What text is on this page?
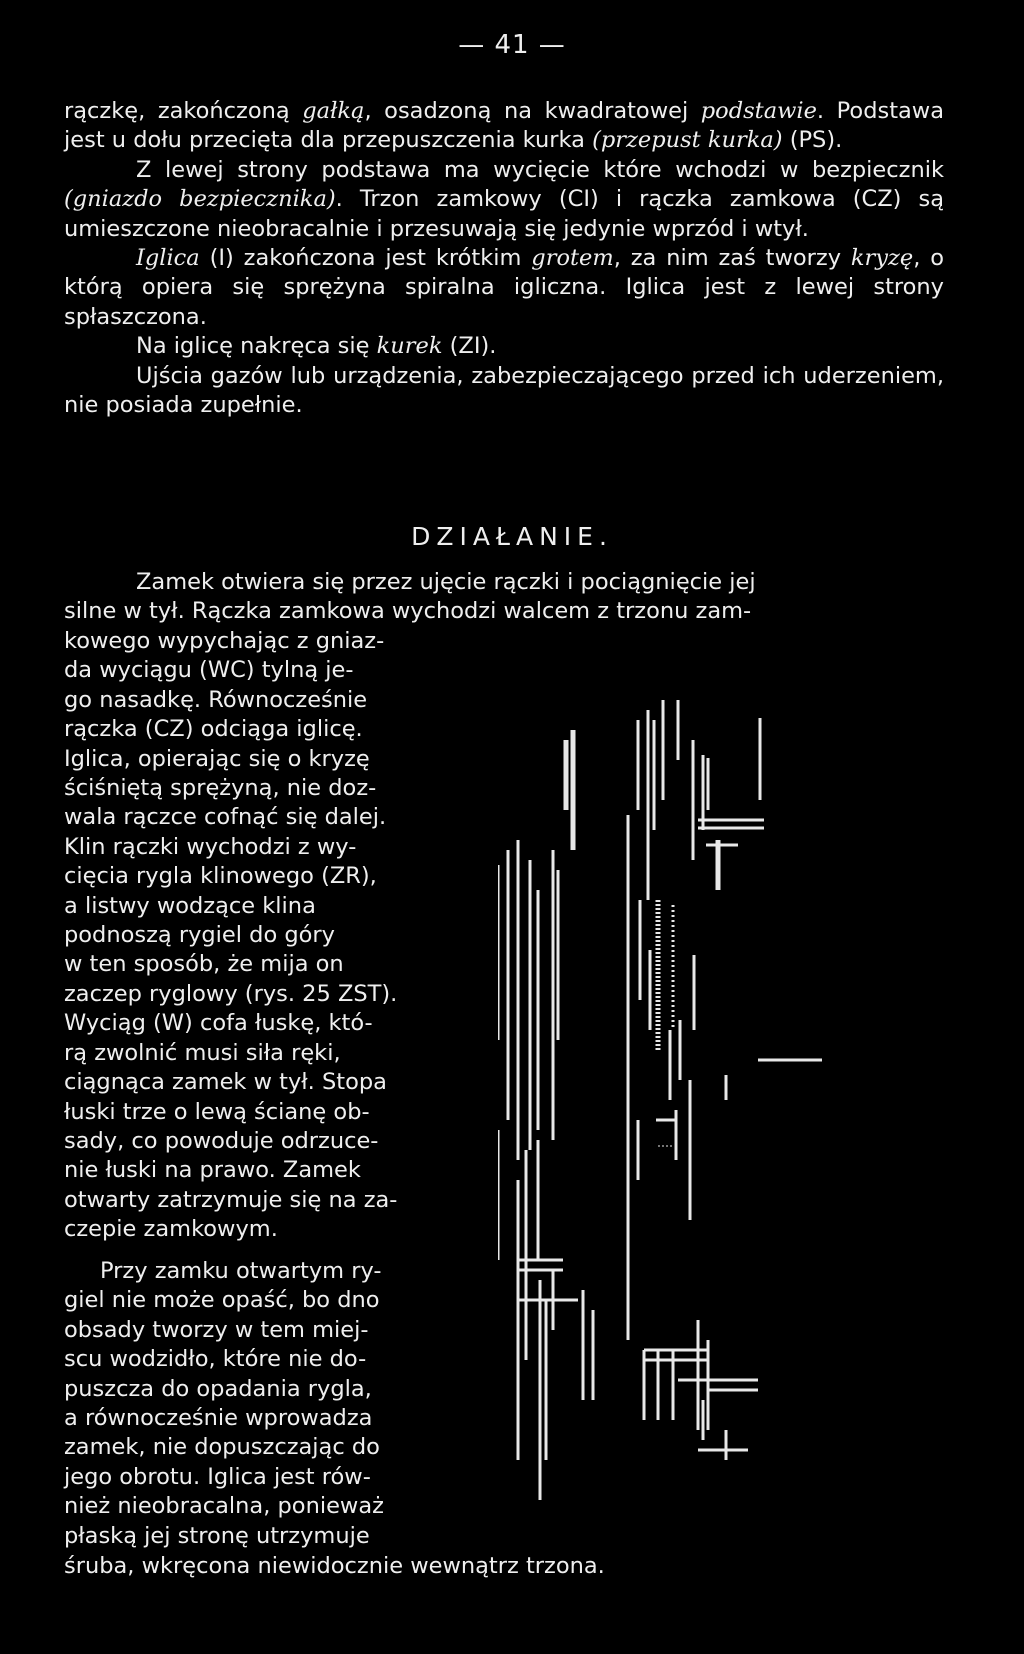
— 41 —

rączkę, zakończoną gałką, osadzoną na kwadratowej podstawie. Podstawa jest u dołu przecięta dla przepuszczenia kurka (przepust kurka) (PS).

Z lewej strony podstawa ma wycięcie które wchodzi w bezpiecznik (gniazdo bezpiecznika). Trzon zamkowy (CI) i rączka zamkowa (CZ) są umieszczone nieobracalnie i przesuwają się jedynie wprzód i wtył.

Iglica (I) zakończona jest krótkim grotem, za nim zaś tworzy kryzę, o którą opiera się sprężyna spiralna igliczna. Iglica jest z lewej strony spłaszczona.

Na iglicę nakręca się kurek (ZI).

Ujścia gazów lub urządzenia, zabezpieczającego przed ich uderzeniem, nie posiada zupełnie.

DZIAŁANIE.

Zamek otwiera się przez ujęcie rączki i pociągnięcie jej

silne w tył. Rączka zamkowa wychodzi walcem z trzonu zam-

kowego wypychając z gniaz-

da wyciągu (WC) tylną je-

go nasadkę. Równocześnie

rączka (CZ) odciąga iglicę.

Iglica, opierając się o kryzę

ściśniętą sprężyną, nie doz-

wala rączce cofnąć się dalej.

Klin rączki wychodzi z wy-

cięcia rygla klinowego (ZR),

a listwy wodzące klina

podnoszą rygiel do góry

w ten sposób, że mija on

zaczep ryglowy (rys. 25 ZST).

Wyciąg (W) cofa łuskę, któ-

rą zwolnić musi siła ręki,

ciągnąca zamek w tył. Stopa

łuski trze o lewą ścianę ob-

sady, co powoduje odrzuce-

nie łuski na prawo. Zamek

otwarty zatrzymuje się na za-

czepie zamkowym.

Przy zamku otwartym ry-

giel nie może opaść, bo dno

obsady tworzy w tem miej-

scu wodzidło, które nie do-

puszcza do opadania rygla,

a równocześnie wprowadza

zamek, nie dopuszczając do

jego obrotu. Iglica jest rów-

nież nieobracalna, ponieważ

płaską jej stronę utrzymuje

śruba, wkręcona niewidocznie wewnątrz trzona.
